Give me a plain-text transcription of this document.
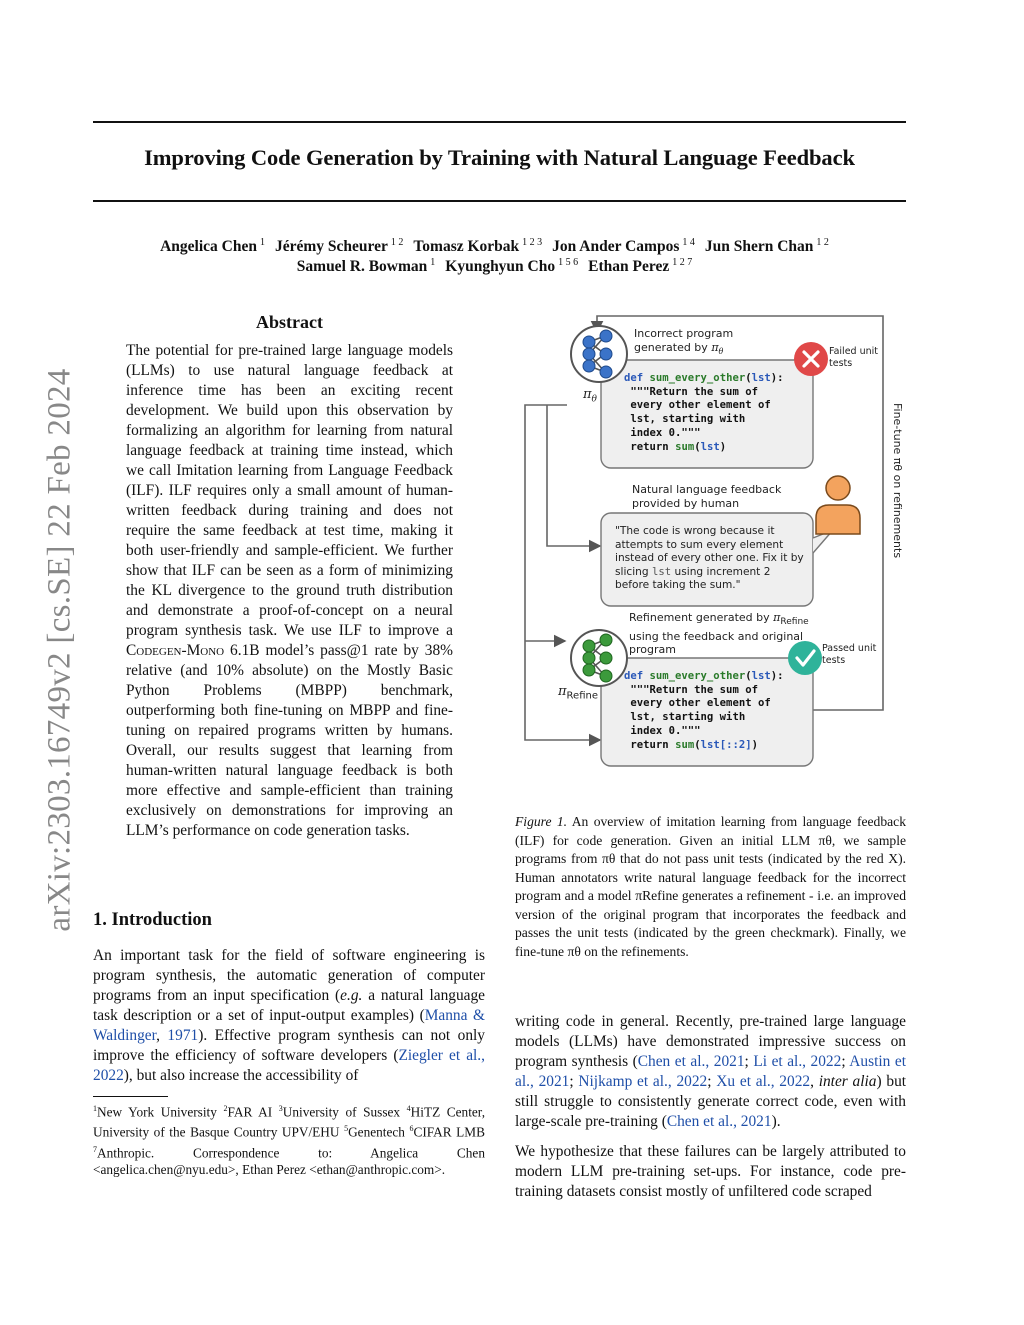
Improving Code Generation by Training with Natural Language Feedback
Angelica Chen $^1$ Jérémy Scheurer $^{1 2}$ Tomasz Korbak $^{1 2 3}$ Jon Ander Campos $^{1 4}$ Jun Shern Chan $^{1 2}$
Samuel R. Bowman $^1$ Kyunghyun Cho $^{1 5 6}$ Ethan Perez $^{1 2 7}$
arXiv:2303.16749v2 [cs.SE] 22 Feb 2024
Abstract
The potential for pre-trained large language models (LLMs) to use natural language feedback at inference time has been an exciting recent development. We build upon this observation by formalizing an algorithm for learning from natural language feedback at training time instead, which we call Imitation learning from Language Feedback (ILF). ILF requires only a small amount of human-written feedback during training and does not require the same feedback at test time, making it both user-friendly and sample-efficient. We further show that ILF can be seen as a form of minimizing the KL divergence to the ground truth distribution and demonstrate a proof-of-concept on a neural program synthesis task. We use ILF to improve a Codegen-Mono 6.1B model’s pass@1 rate by 38% relative (and 10% absolute) on the Mostly Basic Python Problems (MBPP) benchmark, outperforming both fine-tuning on MBPP and fine-tuning on repaired programs written by humans. Overall, our results suggest that learning from human-written natural language feedback is both more effective and sample-efficient than training exclusively on demonstrations for improving an LLM’s performance on code generation tasks.
1. Introduction
An important task for the field of software engineering is program synthesis, the automatic generation of computer programs from an input specification (e.g. a natural language task description or a set of input-output examples) (Manna & Waldinger, 1971). Effective program synthesis can not only improve the efficiency of software developers (Ziegler et al., 2022), but also increase the accessibility of
$^1$New York University $^2$FAR AI $^3$University of Sussex $^4$HiTZ Center, University of the Basque Country UPV/EHU $^5$Genentech $^6$CIFAR LMB $^7$Anthropic. Correspondence to: Angelica Chen <angelica.chen@nyu.edu>, Ethan Perez <ethan@anthropic.com>.
Incorrect program generated by $\pi_\theta$	Failed unit tests
$\pi_\theta$
def sum_every_other(lst):
"""Return the sum of
every other element of
lst, starting with
index 0."""
return sum(lst)
Natural language feedback provided by human
"The code is wrong because it attempts to sum every element instead of every other one. Fix it by slicing lst using increment 2 before taking the sum."
Refinement generated by $\pi_{Refine}$ using the feedback and original program	Passed unit tests
$\pi_{Refine}$
def sum_every_other(lst):
"""Return the sum of
every other element of
lst, starting with
index 0."""
return sum(lst[::2])
Fine-tune πθ on refinements
Figure 1. An overview of imitation learning from language feedback (ILF) for code generation. Given an initial LLM πθ, we sample programs from πθ that do not pass unit tests (indicated by the red X). Human annotators write natural language feedback for the incorrect program and a model πRefine generates a refinement - i.e. an improved version of the original program that incorporates the feedback and passes the unit tests (indicated by the green checkmark). Finally, we fine-tune πθ on the refinements.
writing code in general. Recently, pre-trained large language models (LLMs) have demonstrated impressive success on program synthesis (Chen et al., 2021; Li et al., 2022; Austin et al., 2021; Nijkamp et al., 2022; Xu et al., 2022, inter alia) but still struggle to consistently generate correct code, even with large-scale pre-training (Chen et al., 2021).
We hypothesize that these failures can be largely attributed to modern LLM pre-training set-ups. For instance, code pre-training datasets consist mostly of unfiltered code scraped
